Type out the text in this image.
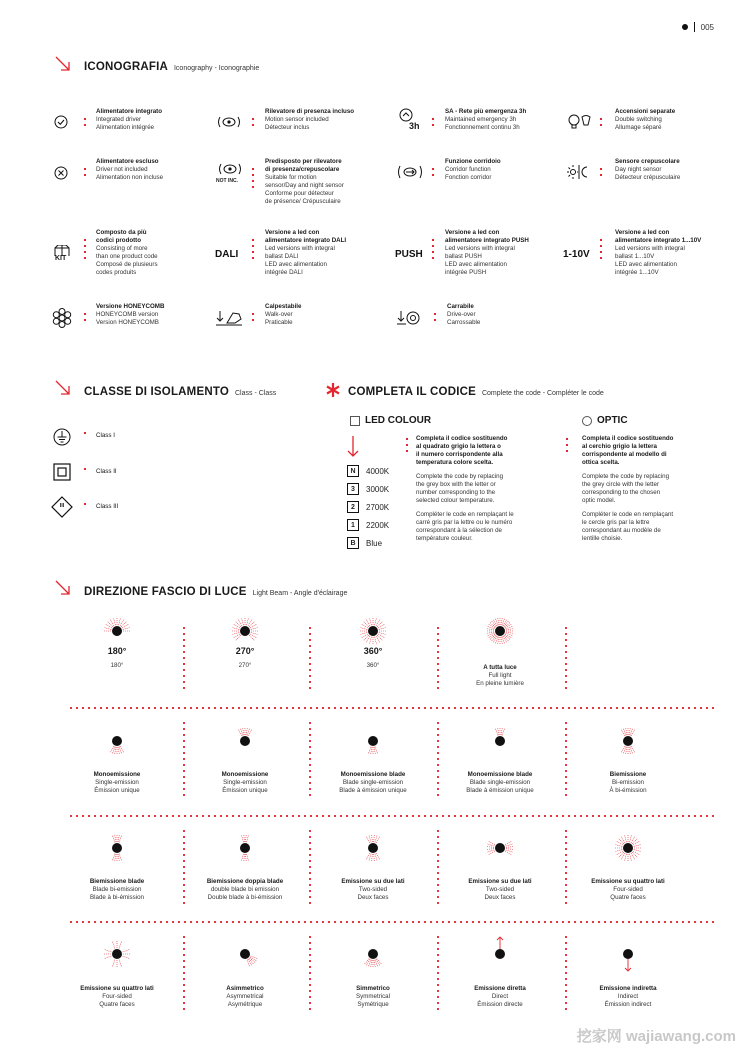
005
ICONOGRAFIA Iconography - Iconographie
Alimentatore integrato
Integrated driver
Alimentation intégrée
Rilevatore di presenza incluso
Motion sensor included
Détecteur inclus
SA - Rete più emergenza 3h
Maintained emergency 3h
Fonctionnement continu 3h
Accensioni separate
Double switching
Allumage séparé
Alimentatore escluso
Driver not included
Alimentation non incluse
Predisposto per rilevatore
di presenza/crepuscolare
Suitable for motion
sensor/Day and night sensor
Conforme pour détecteur
de présence/ Crépusculaire
Funzione corridoio
Corridor function
Fonction corridor
Sensore crepuscolare
Day night sensor
Détecteur crépusculaire
Composto da più
codici prodotto
Consisting of more
than one product code
Composé de plusieurs
codes produits
Versione a led con
alimentatore integrato DALI
Led versions with integral
ballast DALI
LED avec alimentation
intégrée DALI
Versione a led con
alimentatore integrato PUSH
Led versions with integral
ballast PUSH
LED avec alimentation
intégrée PUSH
Versione a led con
alimentatore integrato 1...10V
Led versions with integral
ballast 1...10V
LED avec alimentation
intégrée 1...10V
Versione HONEYCOMB
HONEYCOMB version
Version HONEYCOMB
Calpestabile
Walk-over
Praticable
Carrabile
Drive-over
Carrossable
3h
NOT INC.
KIT	DALI	PUSH	1-10V
CLASSE DI ISOLAMENTO Class - Class
III
Class I
Class II
Class III
COMPLETA IL CODICE Complete the code - Compléter le code
LED COLOUR
N	4000K
3	3000K
2	2700K
1	2200K
B	Blue
Completa il codice sostituendo
al quadrato grigio la lettera o
il numero corrispondente alla
temperatura colore scelta.
Complete the code by replacing
the grey box with the letter or
number corresponding to the
selected colour temperature.
Compléter le code en remplaçant le
carré gris par la lettre ou le numéro
correspondant à la sélection de
température couleur.
OPTIC
Completa il codice sostituendo
al cerchio grigio la lettera
corrispondente al modello di
ottica scelta.
Complete the code by replacing
the grey circle with the letter
corresponding to the chosen
optic model.
Compléter le code en remplaçant
le cercle gris par la lettre
correspondant au modèle de
lentille choisie.
DIREZIONE FASCIO DI LUCE Light Beam - Angle d'éclairage
180°
180°
270°
270°
360°
360°	A tutta luce
Full light
En pleine lumière
Monoemissione
Single-emission
Émission unique
Monoemissione
Single-emission
Émission unique
Monoemissione blade
Blade single-emission
Blade à émission unique
Monoemissione blade
Blade single-emission
Blade à émission unique
Biemissione
Bi-emission
À bi-émission
Biemissione blade
Blade bi-emission
Blade à bi-émission
Biemissione doppia blade
double blade bi emission
Double blade à bi-émission
Emissione su due lati
Two-sided
Deux faces
Emissione su due lati
Two-sided
Deux faces
Emissione su quattro lati
Four-sided
Quatre faces
Emissione su quattro lati
Four-sided
Quatre faces
Asimmetrico
Asymmetrical
Asymétrique
Simmetrico
Symmetrical
Symétrique
Emissione diretta
Direct
Émission directe
Emissione indiretta
Indirect
Émission indirect
挖家网 wajiawang.com
